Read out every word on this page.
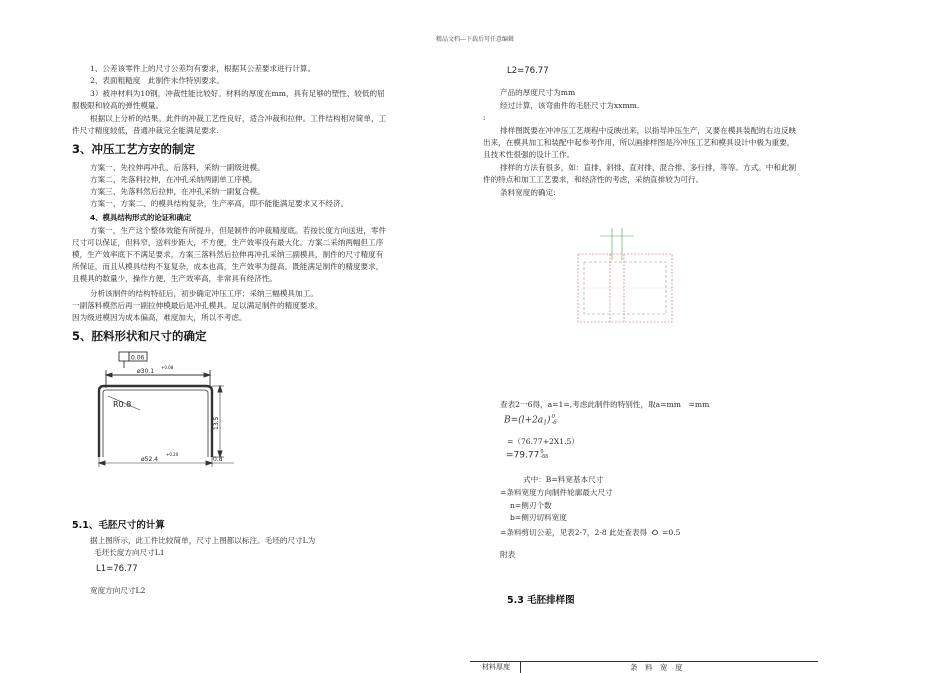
精品文档---下载后可任意编辑
1、公差该零件上的尺寸公差均有要求，根据其公差要求进行计算。
2、表面粗糙度　此制件未作特别要求。
3）被冲材料为10钢，冲裁性能比较好。材料的厚度在mm，具有足够的塑性、较低的屈
服极限和较高的弹性模量。
根据以上分析的结果。此件的冲裁工艺性良好，适合冲裁和拉伸。工件结构相对简单，工
件尺寸精度较低，普通冲裁完全能满足要求.
3、冲压工艺方安的制定
方案一、先拉伸再冲孔，后落料，采纳一副级进模。
方案二、先落料拉伸，在冲孔采纳两副单工序模。
方案三、先落料然后拉伸，在冲孔采纳一副复合模。
方案一、方案二、的模具结构复杂，生产率高，即不能能满足要求又不经济。
4、模具结构形式的论证和确定
方案一，生产这个整体效能有所提升，但是制件的冲裁精度底。若按长度方向送进，零件
尺寸可以保证，但料窄，送料步距大，不方便，生产效率没有最大化。方案二采纳两幅但工序
模，生产效率底下不满足要求，方案三落料然后拉伸再冲孔采纳三副模具，制件的尺寸精度有
所保证，而且从模具结构不复复杂，成本也高，生产效率为提高。既能满足制件的精度要求，
且模具的数量少，操作方便，生产效率高，非常具有经济性。
分析该制件的结构特征后，初步确定冲压工序；采纳三幅模具加工。
一副落料模然后再一副拉伸模最后是冲孔模具。足以满足制件的精度要求。
因为级进模因为成本偏高，难度加大，所以不考虑。
5、胚料形状和尺寸的确定
0.06
ø30.1
+0.08
R0.8
13.5
ø52.4
+0.20
0.8
5.1、毛胚尺寸的计算
据上图所示，此工件比较简单，尺寸上图都以标注。毛坯的尺寸L为
毛坯长度方向尺寸L1
L1=76.77
宽度方向尺寸L2
L2=76.77
产品的厚度尺寸为mm
经过计算，该弯曲件的毛胚尺寸为xxmm.
:
排样图既要在冲冲压工艺规程中反映出来，以指导冲压生产，又要在模具装配的右边反映
出来，在模具加工和装配中起参考作用，所以画排样图是冷冲压工艺和模具设计中极为重要，
且技术性很强的设计工作。
排样的方法有很多，如：直排、斜排、直对排、混合排、多行排，等等。方式。中和此制
件的特点和加工工艺要求，和经济性的考虑，采纳直排较为可行。
条料宽度的确定:
查表2一6得，a=1=,考虑此制件的特别性，取a=mm　=mm
$B=(l+2a_1)$ 0
-δ
=（76.77+2X1.5）
=79.77 0
-δδ
式中：B=料宽基本尺寸
=条料宽度方向制件轮廓最大尺寸
n=侧刃个数
b=侧刃切料宽度
=条料剪切公差，见表2-7，2-8 此处查表得 =0.5
附表
5.3 毛胚排样图
材料厚度	条　料　宽　度
